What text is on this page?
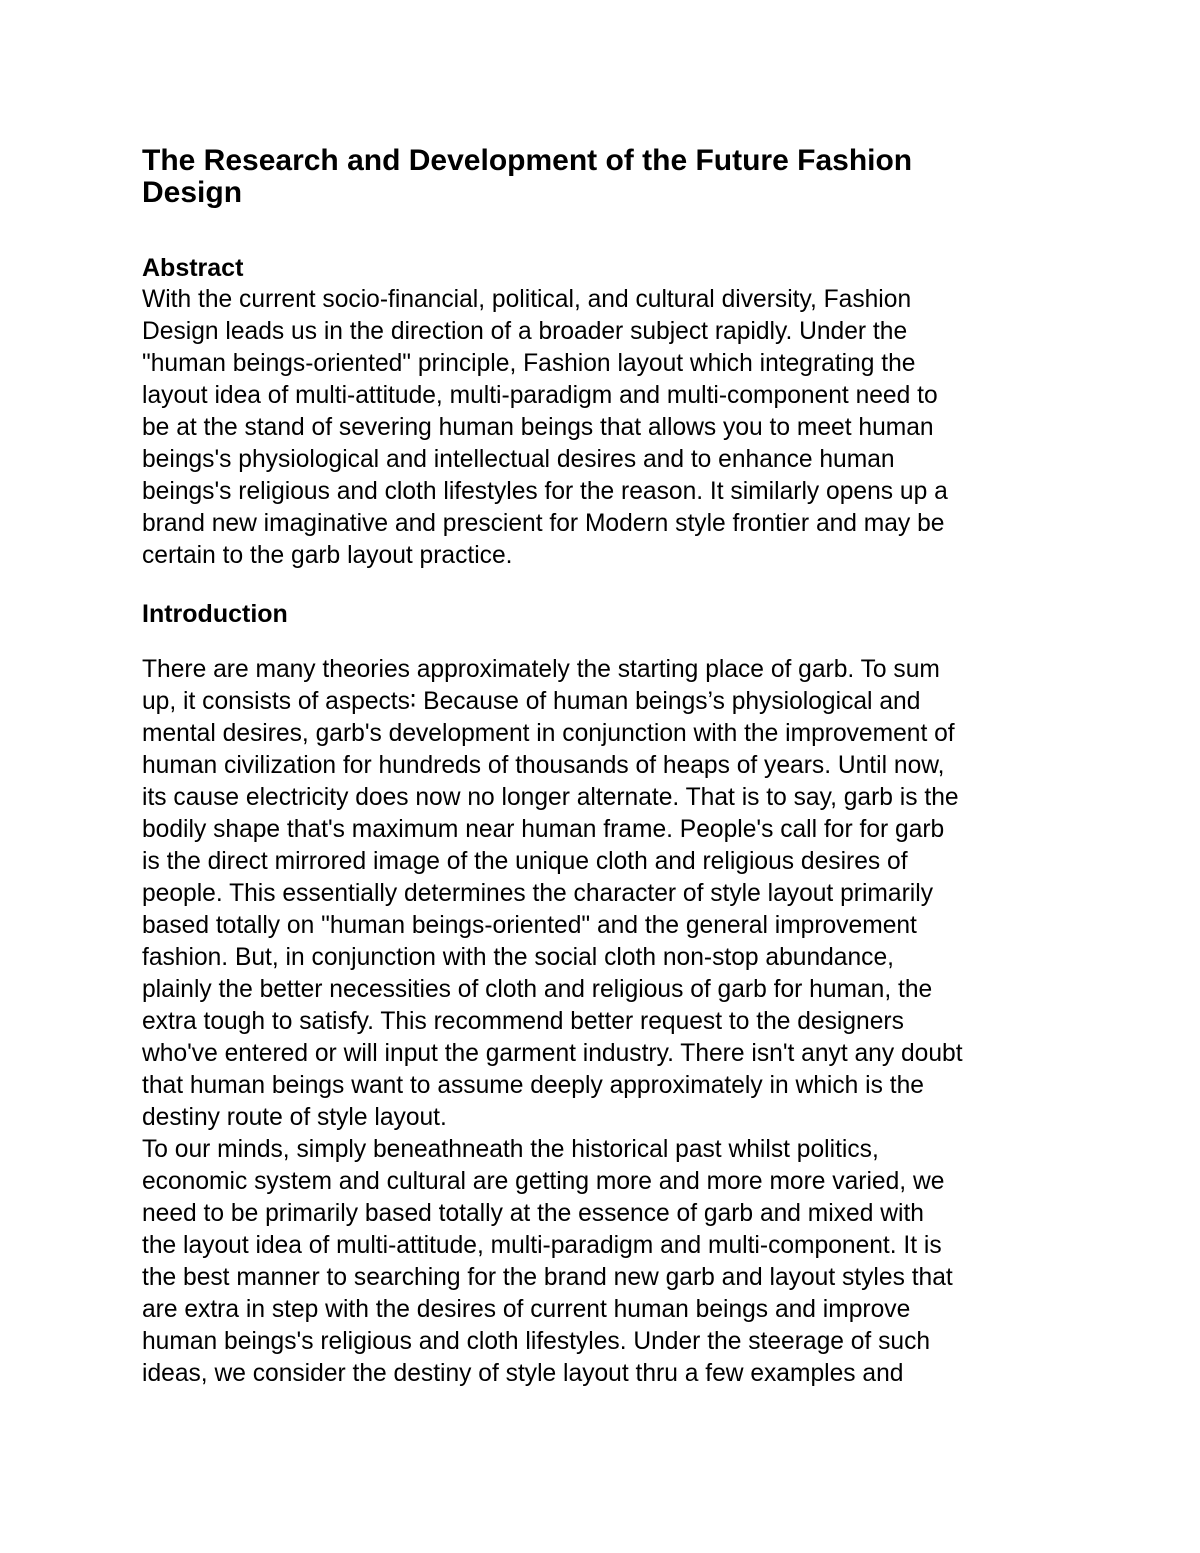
The Research and Development of the Future Fashion
Design
Abstract
With the current socio-financial, political, and cultural diversity, Fashion
Design leads us in the direction of a broader subject rapidly. Under the
"human beings-oriented" principle, Fashion layout which integrating the
layout idea of multi-attitude, multi-paradigm and multi-component need to
be at the stand of severing human beings that allows you to meet human
beings's physiological and intellectual desires and to enhance human
beings's religious and cloth lifestyles for the reason. It similarly opens up a
brand new imaginative and prescient for Modern style frontier and may be
certain to the garb layout practice.
Introduction
There are many theories approximately the starting place of garb. To sum
up, it consists of aspects∶ Because of human beings’s physiological and
mental desires, garb's development in conjunction with the improvement of
human civilization for hundreds of thousands of heaps of years. Until now,
its cause electricity does now no longer alternate. That is to say, garb is the
bodily shape that's maximum near human frame. People's call for for garb
is the direct mirrored image of the unique cloth and religious desires of
people. This essentially determines the character of style layout primarily
based totally on "human beings-oriented" and the general improvement
fashion. But, in conjunction with the social cloth non-stop abundance,
plainly the better necessities of cloth and religious of garb for human, the
extra tough to satisfy. This recommend better request to the designers
who've entered or will input the garment industry. There isn't anyt any doubt
that human beings want to assume deeply approximately in which is the
destiny route of style layout.
To our minds, simply beneathneath the historical past whilst politics,
economic system and cultural are getting more and more more varied, we
need to be primarily based totally at the essence of garb and mixed with
the layout idea of multi-attitude, multi-paradigm and multi-component. It is
the best manner to searching for the brand new garb and layout styles that
are extra in step with the desires of current human beings and improve
human beings's religious and cloth lifestyles. Under the steerage of such
ideas, we consider the destiny of style layout thru a few examples and
